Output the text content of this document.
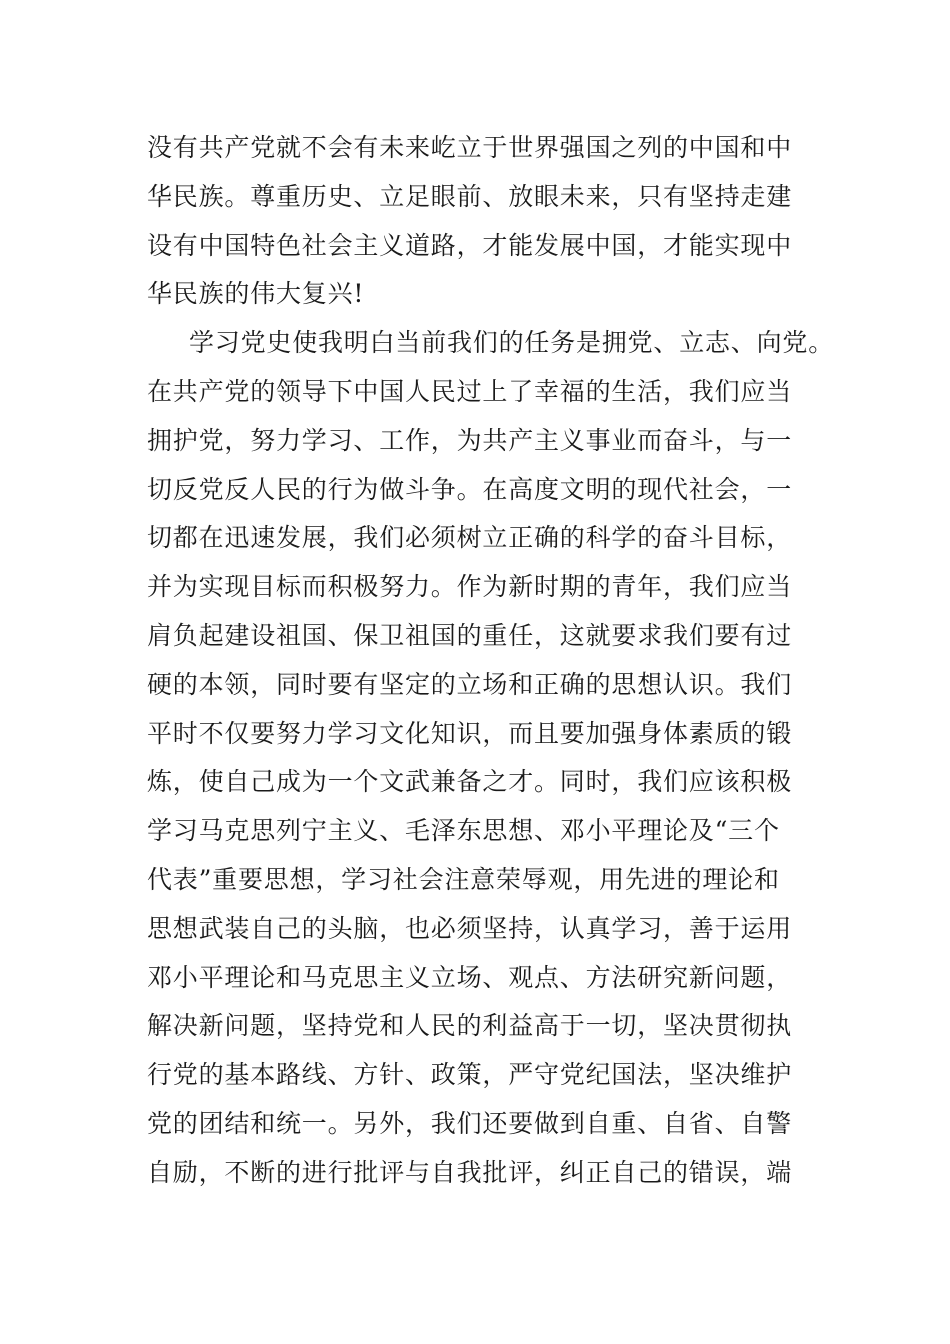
没有共产党就不会有未来屹立于世界强国之列的中国和中
华民族。尊重历史、立足眼前、放眼未来，只有坚持走建
设有中国特色社会主义道路，才能发展中国，才能实现中
华民族的伟大复兴!
学习党史使我明白当前我们的任务是拥党、立志、向党。
在共产党的领导下中国人民过上了幸福的生活，我们应当
拥护党，努力学习、工作，为共产主义事业而奋斗，与一
切反党反人民的行为做斗争。在高度文明的现代社会，一
切都在迅速发展，我们必须树立正确的科学的奋斗目标，
并为实现目标而积极努力。作为新时期的青年，我们应当
肩负起建设祖国、保卫祖国的重任，这就要求我们要有过
硬的本领，同时要有坚定的立场和正确的思想认识。我们
平时不仅要努力学习文化知识，而且要加强身体素质的锻
炼，使自己成为一个文武兼备之才。同时，我们应该积极
学习马克思列宁主义、毛泽东思想、邓小平理论及“三个
代表”重要思想，学习社会注意荣辱观，用先进的理论和
思想武装自己的头脑，也必须坚持，认真学习，善于运用
邓小平理论和马克思主义立场、观点、方法研究新问题，
解决新问题，坚持党和人民的利益高于一切，坚决贯彻执
行党的基本路线、方针、政策，严守党纪国法，坚决维护
党的团结和统一。另外，我们还要做到自重、自省、自警
自励，不断的进行批评与自我批评，纠正自己的错误，端
